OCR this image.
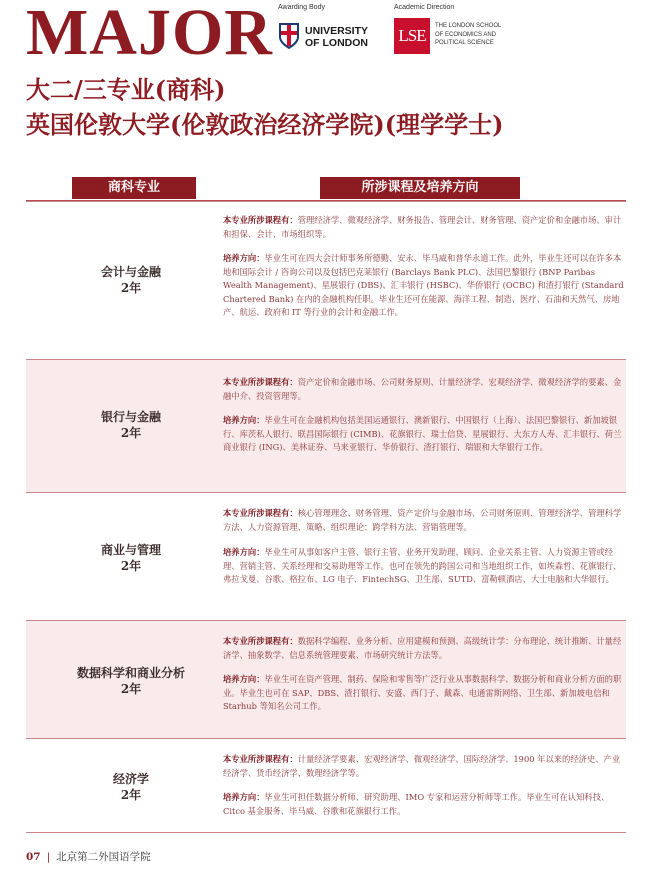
MAJOR Awarding Body
UNIVERSITY
OF LONDON
Academic Direction
LSE	THE LONDON SCHOOL
OF ECONOMICS AND
POLITICAL SCIENCE
大二/三专业(商科)
英国伦敦大学(伦敦政治经济学院)(理学学士)
商科专业	所涉课程及培养方向
会计与金融
2年
本专业所涉课程有：管理经济学、微观经济学、财务报告、管理会计、财务管理、资产定价和金融市场、审计和担保、会计、市场组织等。
培养方向：毕业生可在四大会计师事务所德勤、安永、毕马威和普华永道工作。此外，毕业生还可以在许多本地和国际会计 / 咨询公司以及包括巴克莱银行 (Barclays Bank PLC)、法国巴黎银行 (BNP Paribas Wealth Management)、星展银行 (DBS)、汇丰银行 (HSBC)、华侨银行 (OCBC) 和渣打银行 (Standard Chartered Bank) 在内的金融机构任职。毕业生还可在能源、海洋工程、制造、医疗、石油和天然气、房地产、航运、政府和 IT 等行业的会计和金融工作。
银行与金融
2年
本专业所涉课程有：资产定价和金融市场、公司财务原则、计量经济学、宏观经济学、微观经济学的要素、金融中介、投资管理等。
培养方向：毕业生可在金融机构包括美国运通银行、澳新银行、中国银行（上海）、法国巴黎银行、新加坡银行、库茨私人银行、联昌国际银行 (CIMB)、花旗银行、瑞士信贷、星展银行、大东方人寿、汇丰银行、荷兰商业银行 (ING)、美林证券、马来亚银行、华侨银行、渣打银行、瑞银和大华银行工作。
商业与管理
2年
本专业所涉课程有：核心管理理念、财务管理、资产定价与金融市场、公司财务原则、管理经济学、管理科学方法、人力资源管理、策略、组织理论：跨学科方法、营销管理等。
培养方向：毕业生可从事如客户主管、银行主管、业务开发助理、顾问、企业关系主管、人力资源主管或经理、营销主管、关系经理和交易助理等工作。也可在领先的跨国公司和当地组织工作，如埃森哲、花旗银行、弗拉戈曼、谷歌、格拉布、LG 电子、FintechSG、卫生部、SUTD、富勒顿酒店、大士电脑和大华银行。
数据科学和商业分析
2年
本专业所涉课程有：数据科学编程、业务分析、应用建模和预测、高级统计学：分布理论、统计推断、计量经济学、抽象数学、信息系统管理要素、市场研究统计方法等。
培养方向：毕业生可在资产管理、制药、保险和零售等广泛行业从事数据科学、数据分析和商业分析方面的职业。毕业生也可在 SAP、DBS、渣打银行、安盛、西门子、戴森、电通雷斯网络、卫生部、新加坡电信和 Starhub 等知名公司工作。
经济学
2年
本专业所涉课程有：计量经济学要素、宏观经济学、微观经济学、国际经济学、1900 年以来的经济史、产业经济学、货币经济学、数理经济学等。
培养方向：毕业生可担任数据分析师、研究助理、IMO 专家和运营分析师等工作。毕业生可在认知科技、Citco 基金服务、毕马威、谷歌和花旗银行工作。
07 | 北京第二外国语学院
